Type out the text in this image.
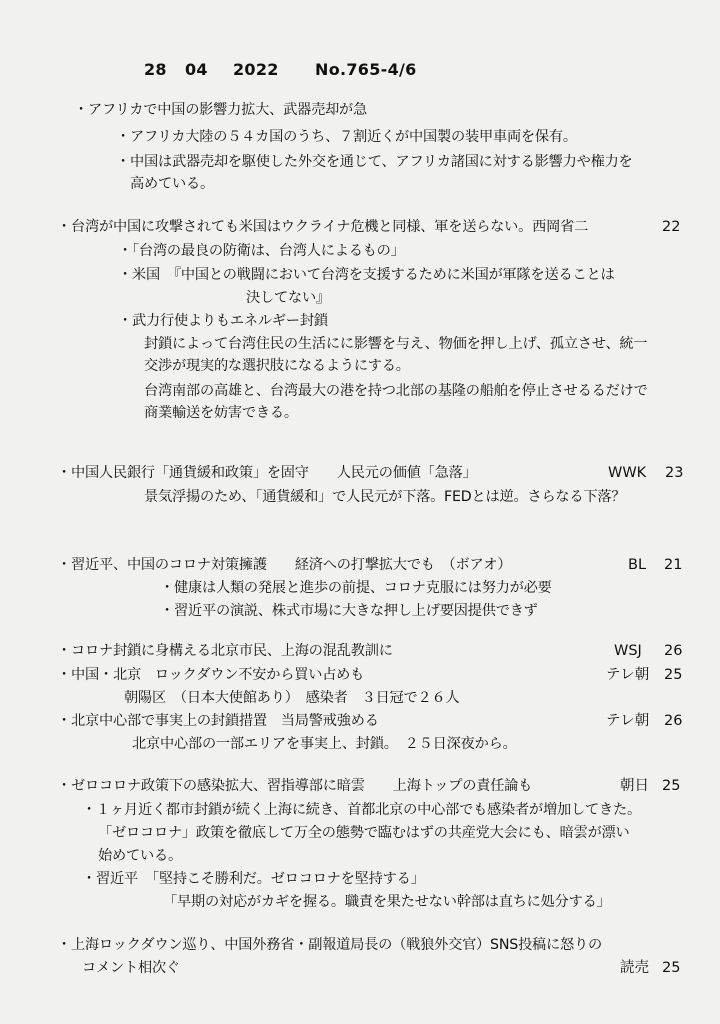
28 04 2022 No.765-4/6
・アフリカで中国の影響力拡大、武器売却が急
・アフリカ大陸の５４カ国のうち、７割近くが中国製の装甲車両を保有。
・中国は武器売却を駆使した外交を通じて、アフリカ諸国に対する影響力や権力を
高めている。
・台湾が中国に攻撃されても米国はウクライナ危機と同様、軍を送らない。西岡省二	22
・「台湾の最良の防衛は、台湾人によるもの」
・米国　『中国との戦闘において台湾を支援するために米国が軍隊を送ることは
決してない』
・武力行使よりもエネルギー封鎖
封鎖によって台湾住民の生活にに影響を与え、物価を押し上げ、孤立させ、統一
交渉が現実的な選択肢になるようにする。
台湾南部の高雄と、台湾最大の港を持つ北部の基隆の船舶を停止させるるだけで
商業輸送を妨害できる。
・中国人民銀行「通貨緩和政策」を固守　　人民元の価値「急落」	WWK 23
景気浮揚のため、「通貨緩和」で人民元が下落。FEDとは逆。さらなる下落？
・習近平、中国のコロナ対策擁護　　経済への打撃拡大でも　（ボアオ）	BL 21
・健康は人類の発展と進歩の前提、コロナ克服には努力が必要
・習近平の演説、株式市場に大きな押し上げ要因提供できず
・コロナ封鎖に身構える北京市民、上海の混乱教訓に	WSJ 26
・中国・北京　ロックダウン不安から買い占めも	テレ朝 25
朝陽区　（日本大使館あり）　感染者　３日冠で２６人
・北京中心部で事実上の封鎖措置　当局警戒強める	テレ朝 26
北京中心部の一部エリアを事実上、封鎖。　２５日深夜から。
・ゼロコロナ政策下の感染拡大、習指導部に暗雲　　上海トップの責任論も	朝日 25
・１ヶ月近く都市封鎖が続く上海に続き、首都北京の中心部でも感染者が増加してきた。
「ゼロコロナ」政策を徹底して万全の態勢で臨むはずの共産党大会にも、暗雲が漂い
始めている。
・習近平　「堅持こそ勝利だ。ゼロコロナを堅持する」
「早期の対応がカギを握る。職責を果たせない幹部は直ちに処分する」
・上海ロックダウン巡り、中国外務省・副報道局長の（戦狼外交官）SNS投稿に怒りの
コメント相次ぐ	読売 25
